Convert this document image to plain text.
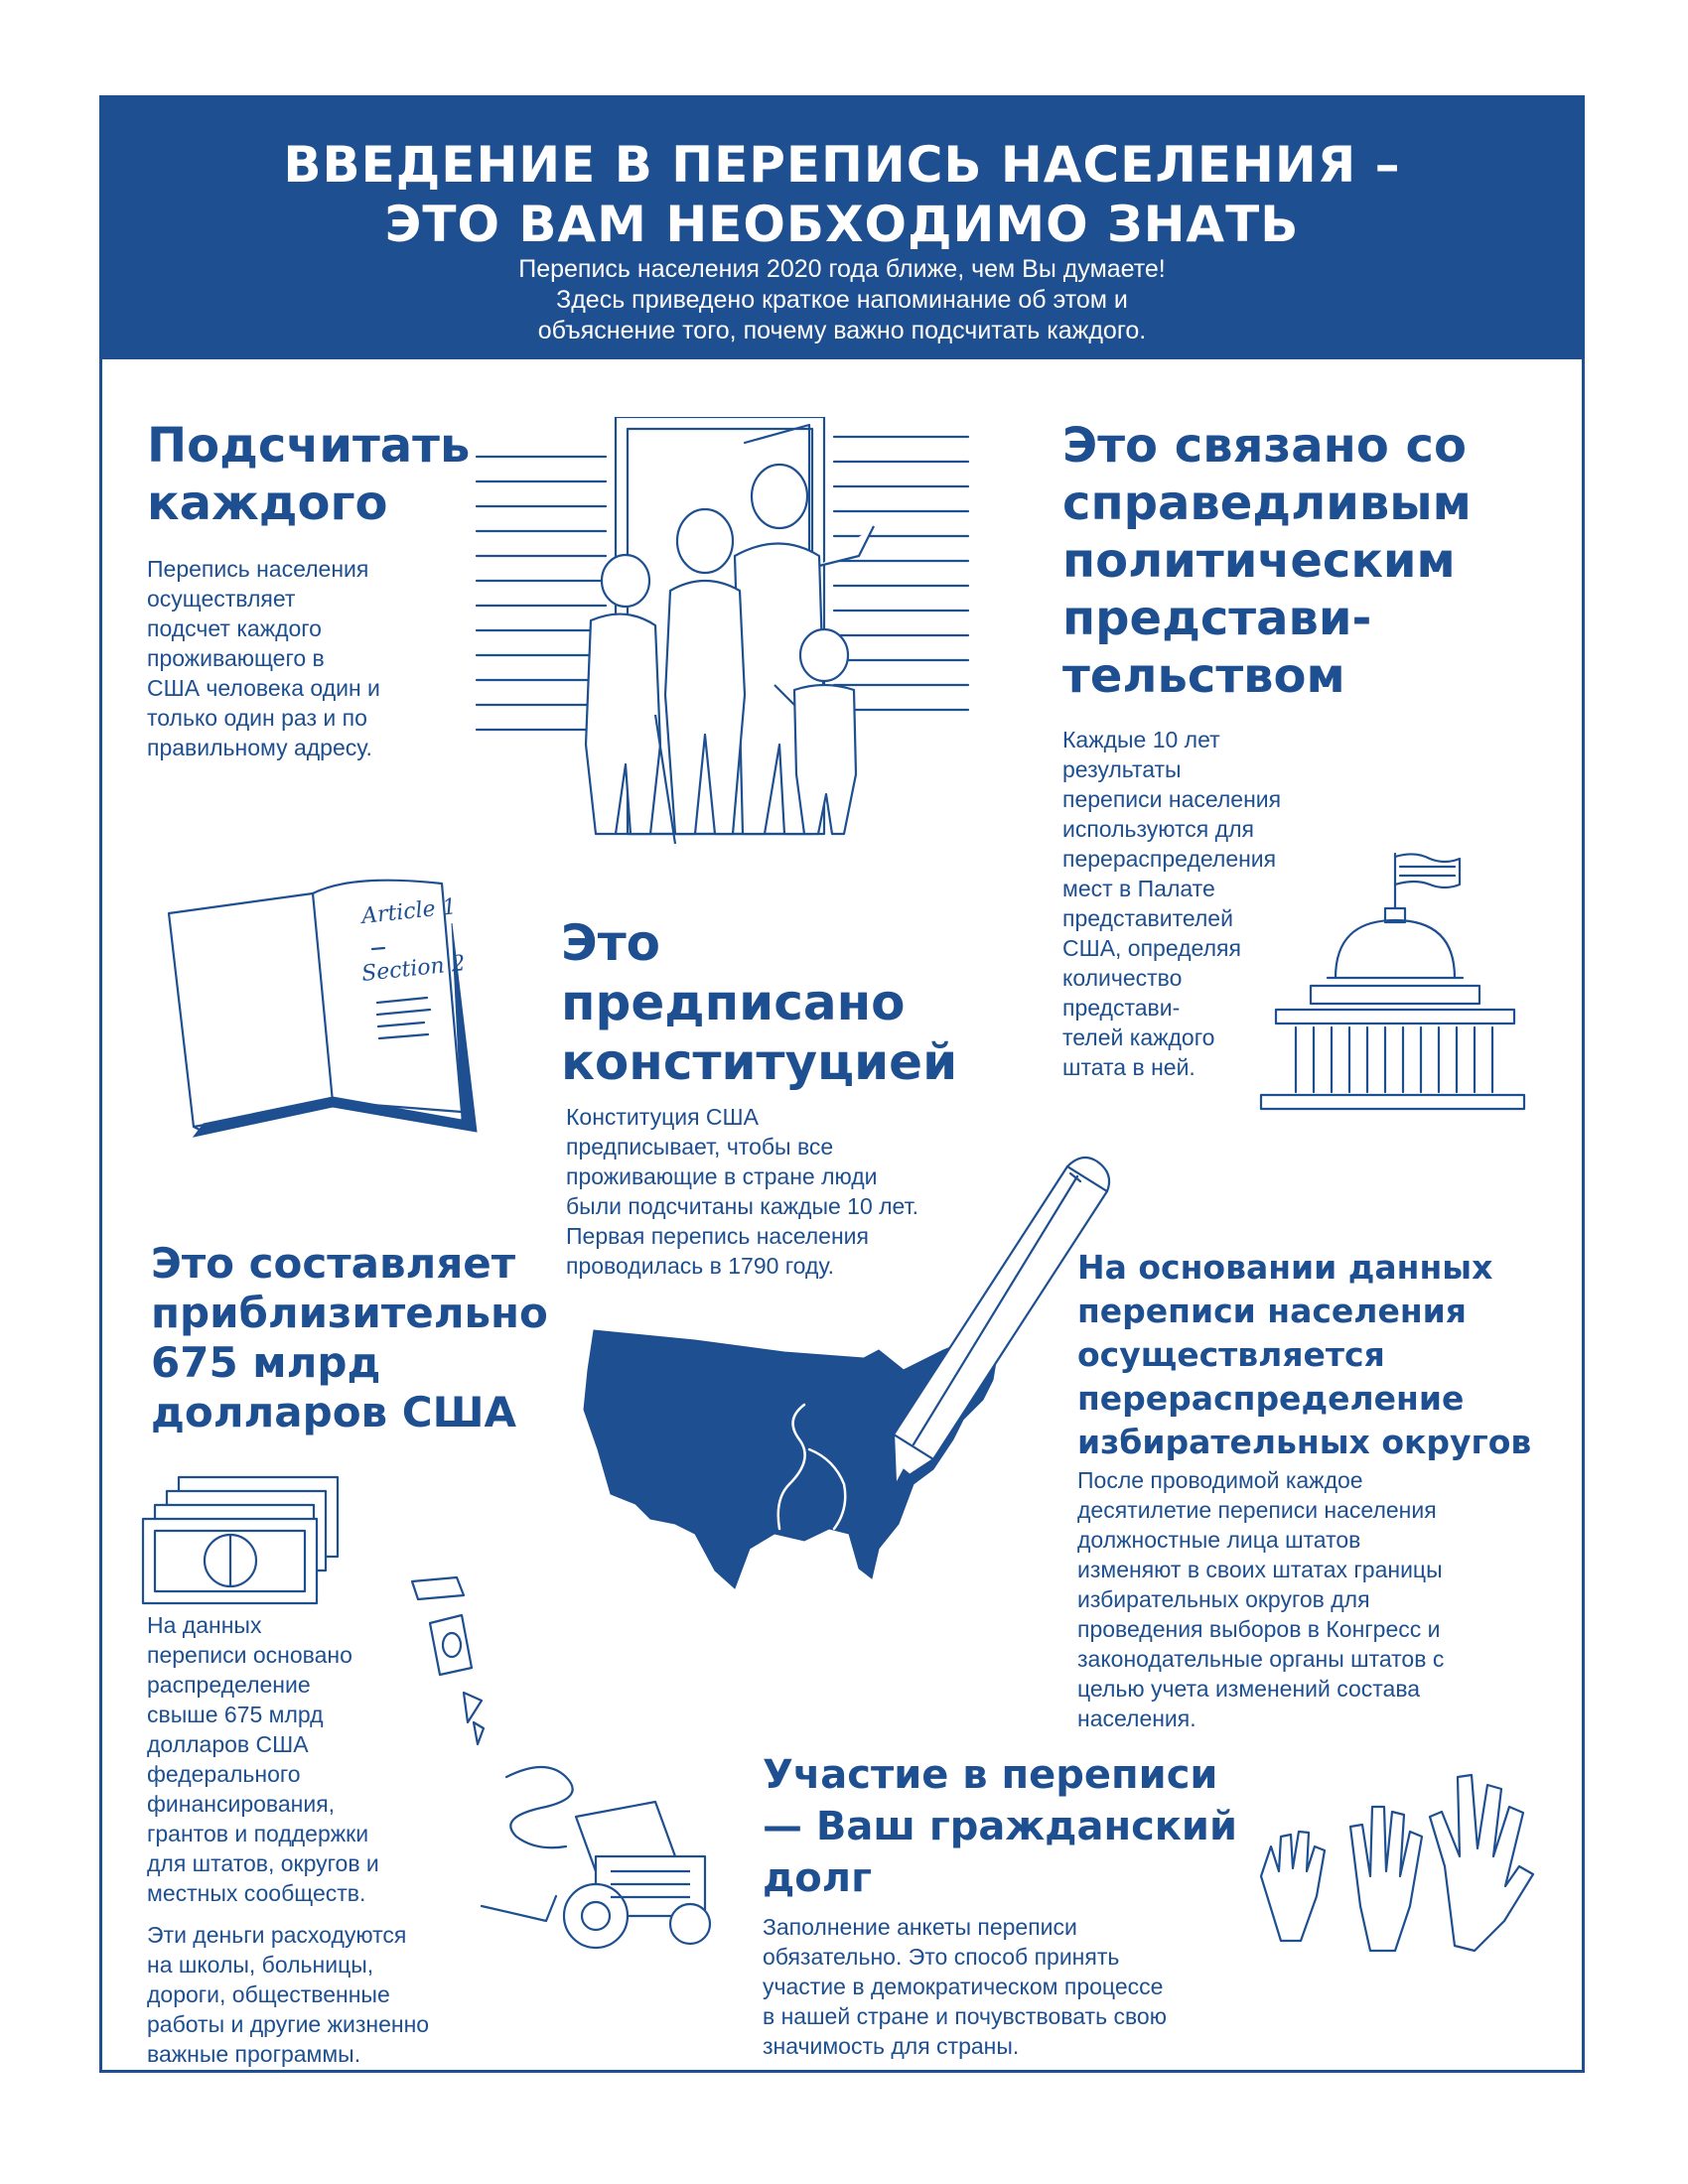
ВВЕДЕНИЕ В ПЕРЕПИСЬ НАСЕЛЕНИЯ –
ЭТО ВАМ НЕОБХОДИМО ЗНАТЬ
Перепись населения 2020 года ближе, чем Вы думаете!
Здесь приведено краткое напоминание об этом и
объяснение того, почему важно подсчитать каждого.
Подсчитать
каждого
Перепись населения
осуществляет
подсчет каждого
проживающего в
США человека один и
только один раз и по
правильному адресу.
Это связано со
справедливым
политическим
представи-
тельством
Каждые 10 лет
результаты
переписи населения
используются для
перераспределения
мест в Палате
представителей
США, определяя
количество
представи-
телей каждого
штата в ней.
Article 1
Section 2 Это
предписано
конституцией
Конституция США
предписывает, чтобы все
проживающие в стране люди
были подсчитаны каждые 10 лет.
Первая перепись населения
проводилась в 1790 году.
Это составляет
приблизительно
675 млрд
долларов США
На данных
переписи основано
распределение
свыше 675 млрд
долларов США
федерального
финансирования,
грантов и поддержки
для штатов, округов и
местных сообществ.
Эти деньги расходуются
на школы, больницы,
дороги, общественные
работы и другие жизненно
важные программы.
На основании данных
переписи населения
осуществляется
перераспределение
избирательных округов
После проводимой каждое
десятилетие переписи населения
должностные лица штатов
изменяют в своих штатах границы
избирательных округов для
проведения выборов в Конгресс и
законодательные органы штатов с
целью учета изменений состава
населения.
Участие в переписи
— Ваш гражданский
долг
Заполнение анкеты переписи
обязательно. Это способ принять
участие в демократическом процессе
в нашей стране и почувствовать свою
значимость для страны.
